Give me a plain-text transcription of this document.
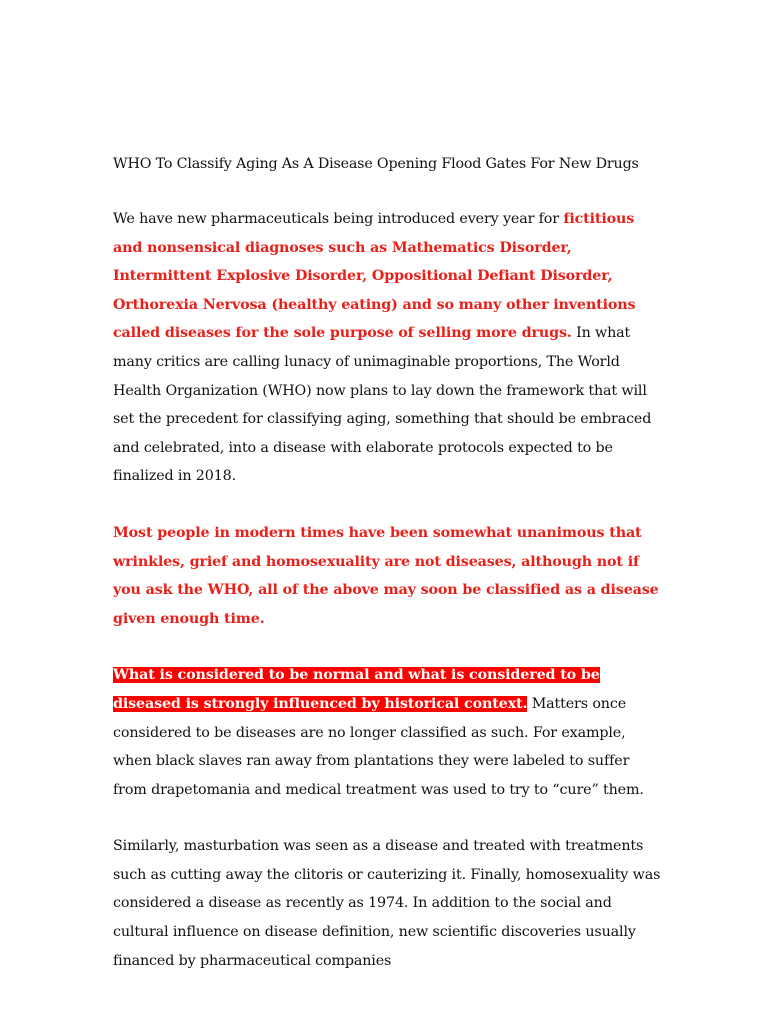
WHO To Classify Aging As A Disease Opening Flood Gates For New Drugs

We have new pharmaceuticals being introduced every year for fictitious and nonsensical diagnoses such as Mathematics Disorder, Intermittent Explosive Disorder, Oppositional Defiant Disorder, Orthorexia Nervosa (healthy eating) and so many other inventions called diseases for the sole purpose of selling more drugs. In what many critics are calling lunacy of unimaginable proportions, The World Health Organization (WHO) now plans to lay down the framework that will set the precedent for classifying aging, something that should be embraced and celebrated, into a disease with elaborate protocols expected to be finalized in 2018.

Most people in modern times have been somewhat unanimous that wrinkles, grief and homosexuality are not diseases, although not if you ask the WHO, all of the above may soon be classified as a disease given enough time.

What is considered to be normal and what is considered to be diseased is strongly influenced by historical context. Matters once considered to be diseases are no longer classified as such. For example, when black slaves ran away from plantations they were labeled to suffer from drapetomania and medical treatment was used to try to “cure” them.

Similarly, masturbation was seen as a disease and treated with treatments such as cutting away the clitoris or cauterizing it. Finally, homosexuality was considered a disease as recently as 1974. In addition to the social and cultural influence on disease definition, new scientific discoveries usually financed by pharmaceutical companies
